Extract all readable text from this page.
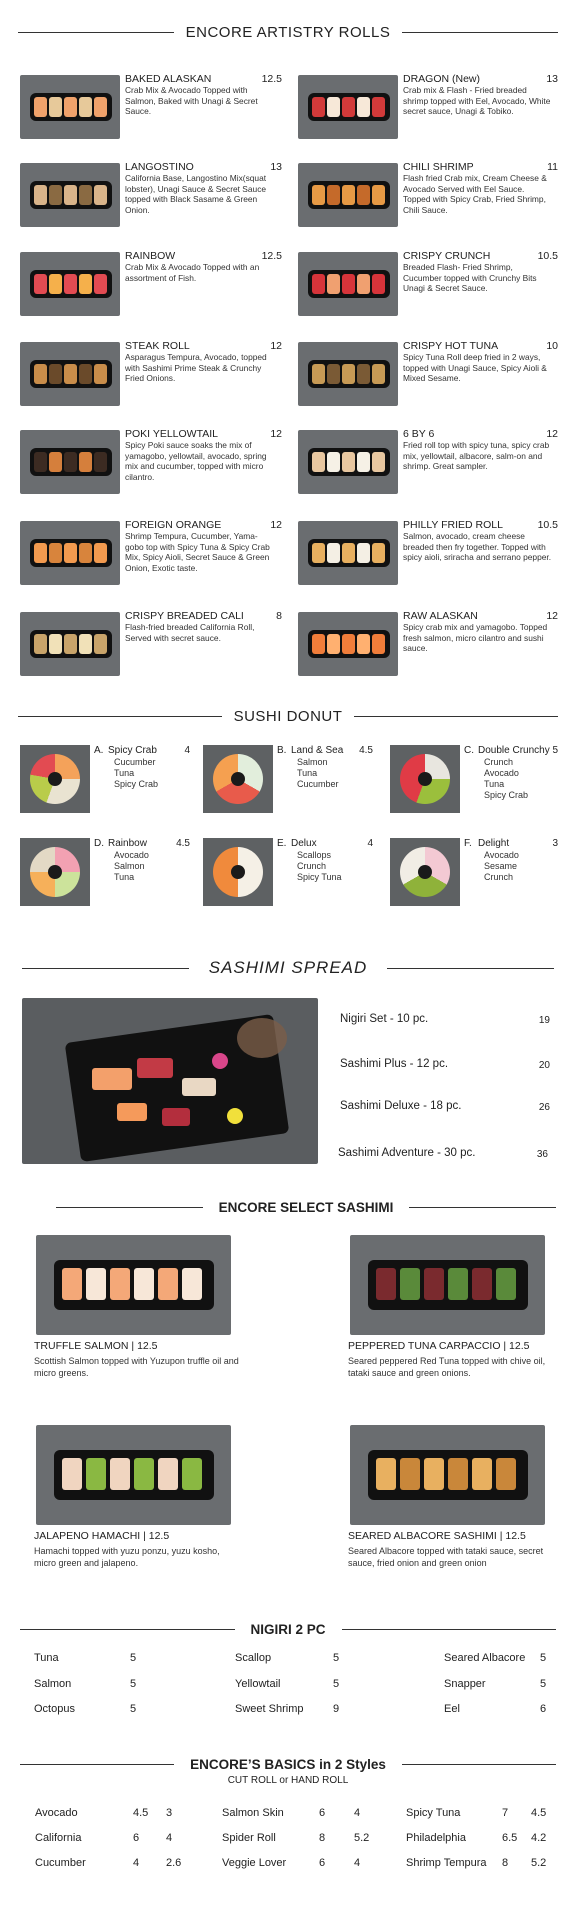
ENCORE ARTISTRY ROLLS
BAKED ALASKAN	12.5
Crab Mix & Avocado Topped with Salmon, Baked with Unagi & Secret Sauce.
LANGOSTINO	13
California Base, Langostino Mix(squat lobster), Unagi Sauce & Secret Sauce topped with Black Sasame & Green Onion.
RAINBOW	12.5
Crab Mix & Avocado Topped with an assortment of Fish.
STEAK ROLL	12
Asparagus Tempura, Avocado, topped with Sashimi Prime Steak & Crunchy Fried Onions.
POKI YELLOWTAIL	12
Spicy Poki sauce soaks the mix of yamagobo, yellowtail, avocado, spring mix and cucumber, topped with micro cilantro.
FOREIGN ORANGE	12
Shrimp Tempura, Cucumber, Yama-gobo top with Spicy Tuna & Spicy Crab Mix, Spicy Aioli, Secret Sauce & Green Onion, Exotic taste.
CRISPY BREADED CALI	8
Flash-fried breaded California Roll, Served with secret sauce.
DRAGON (New)	13
Crab mix & Flash - Fried breaded shrimp topped with Eel, Avocado, White secret sauce, Unagi & Tobiko.
CHILI SHRIMP	11
Flash fried Crab mix, Cream Cheese & Avocado Served with Eel Sauce. Topped with Spicy Crab, Fried Shrimp, Chili Sauce.
CRISPY CRUNCH	10.5
Breaded Flash- Fried Shrimp, Cucumber topped with Crunchy Bits Unagi & Secret Sauce.
CRISPY HOT TUNA	10
Spicy Tuna Roll deep fried in 2 ways, topped with Unagi Sauce, Spicy Aioli & Mixed Sesame.
6 BY 6	12
Fried roll top with spicy tuna, spicy crab mix, yellowtail, albacore, salm-on and shrimp. Great sampler.
PHILLY FRIED ROLL	10.5
Salmon, avocado, cream cheese breaded then fry together. Topped with spicy aioli, sriracha and serrano pepper.
RAW ALASKAN	12
Spicy crab mix and yamagobo. Topped fresh salmon, micro cilantro and sushi sauce.
SUSHI DONUT
A. Spicy Crab	4
Cucumber
Tuna
Spicy Crab
B. Land & Sea 4.5
Salmon
Tuna
Cucumber
C. Double Crunchy 5
Crunch
Avocado
Tuna
Spicy Crab
D. Rainbow	4.5
Avocado
Salmon
Tuna
E. Delux	4
Scallops
Crunch
Spicy Tuna
F. Delight	3
Avocado
Sesame
Crunch
SASHIMI SPREAD
Nigiri Set - 10 pc.	19
Sashimi Plus - 12 pc.	20
Sashimi Deluxe - 18 pc.	26
Sashimi Adventure - 30 pc.	36
ENCORE SELECT SASHIMI
TRUFFLE SALMON | 12.5
Scottish Salmon topped with Yuzupon truffle oil and micro greens.
PEPPERED TUNA CARPACCIO | 12.5
Seared peppered Red Tuna topped with chive oil, tataki sauce and green onions.
JALAPENO HAMACHI | 12.5
Hamachi topped with yuzu ponzu, yuzu kosho, micro green and jalapeno.
SEARED ALBACORE SASHIMI | 12.5
Seared Albacore topped with tataki sauce, secret sauce, fried onion and green onion
NIGIRI 2 PC
Tuna	5
Salmon	5
Octopus	5
Scallop	5
Yellowtail	5
Sweet Shrimp	9
Seared Albacore 5
Snapper	5
Eel	6
ENCORE’S BASICS in 2 Styles
CUT ROLL or HAND ROLL
Avocado	4.5 3
California	6 4
Cucumber	4 2.6
Salmon Skin	6	4
Spider Roll	8	5.2
Veggie Lover	6	4
Spicy Tuna	7 4.5
Philadelphia	6.5 4.2
Shrimp Tempura 8 5.2
